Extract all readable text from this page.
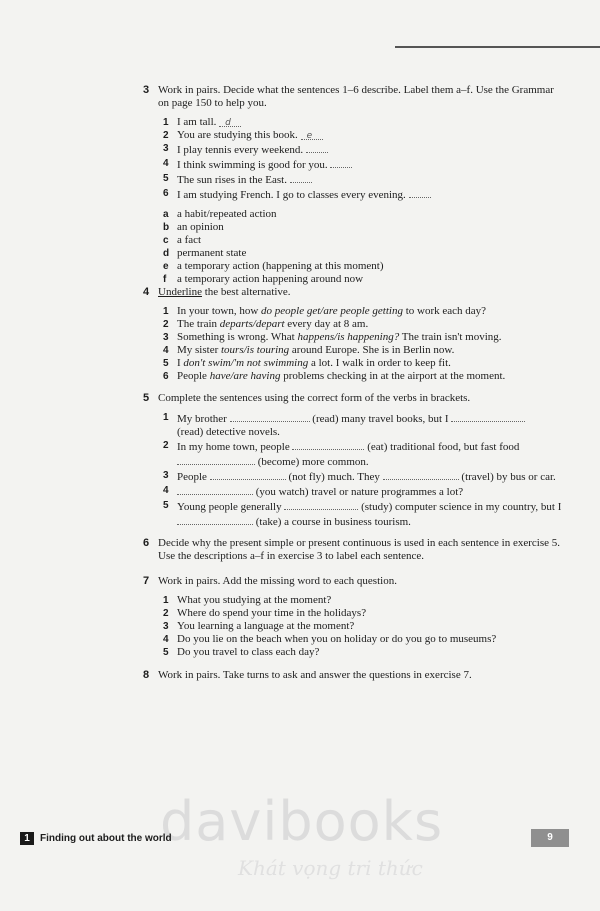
3 Work in pairs. Decide what the sentences 1–6 describe. Label them a–f. Use the Grammar on page 150 to help you.
1 I am tall. d
2 You are studying this book. e
3 I play tennis every weekend.
4 I think swimming is good for you.
5 The sun rises in the East.
6 I am studying French. I go to classes every evening.
a a habit/repeated action
b an opinion
c a fact
d permanent state
e a temporary action (happening at this moment)
f a temporary action happening around now
4 Underline the best alternative.
1 In your town, how do people get/are people getting to work each day?
2 The train departs/depart every day at 8 am.
3 Something is wrong. What happens/is happening? The train isn't moving.
4 My sister tours/is touring around Europe. She is in Berlin now.
5 I don't swim/'m not swimming a lot. I walk in order to keep fit.
6 People have/are having problems checking in at the airport at the moment.
5 Complete the sentences using the correct form of the verbs in brackets.
1 My brother	(read) many travel books, but I
(read) detective novels.
2 In my home town, people	(eat) traditional food, but fast food
(become) more common.
3 People	(not fly) much. They	(travel) by bus or car.
4	(you watch) travel or nature programmes a lot?
5 Young people generally	(study) computer science in my country, but I  (take) a course in business tourism.
6 Decide why the present simple or present continuous is used in each sentence in exercise 5. Use the descriptions a–f in exercise 3 to label each sentence.
7 Work in pairs. Add the missing word to each question.
1 What you studying at the moment?
2 Where do spend your time in the holidays?
3 You learning a language at the moment?
4 Do you lie on the beach when you on holiday or do you go to museums?
5 Do you travel to class each day?
8 Work in pairs. Take turns to ask and answer the questions in exercise 7.
davibooks
Khát vọng tri thức
1	Finding out about the world	9
